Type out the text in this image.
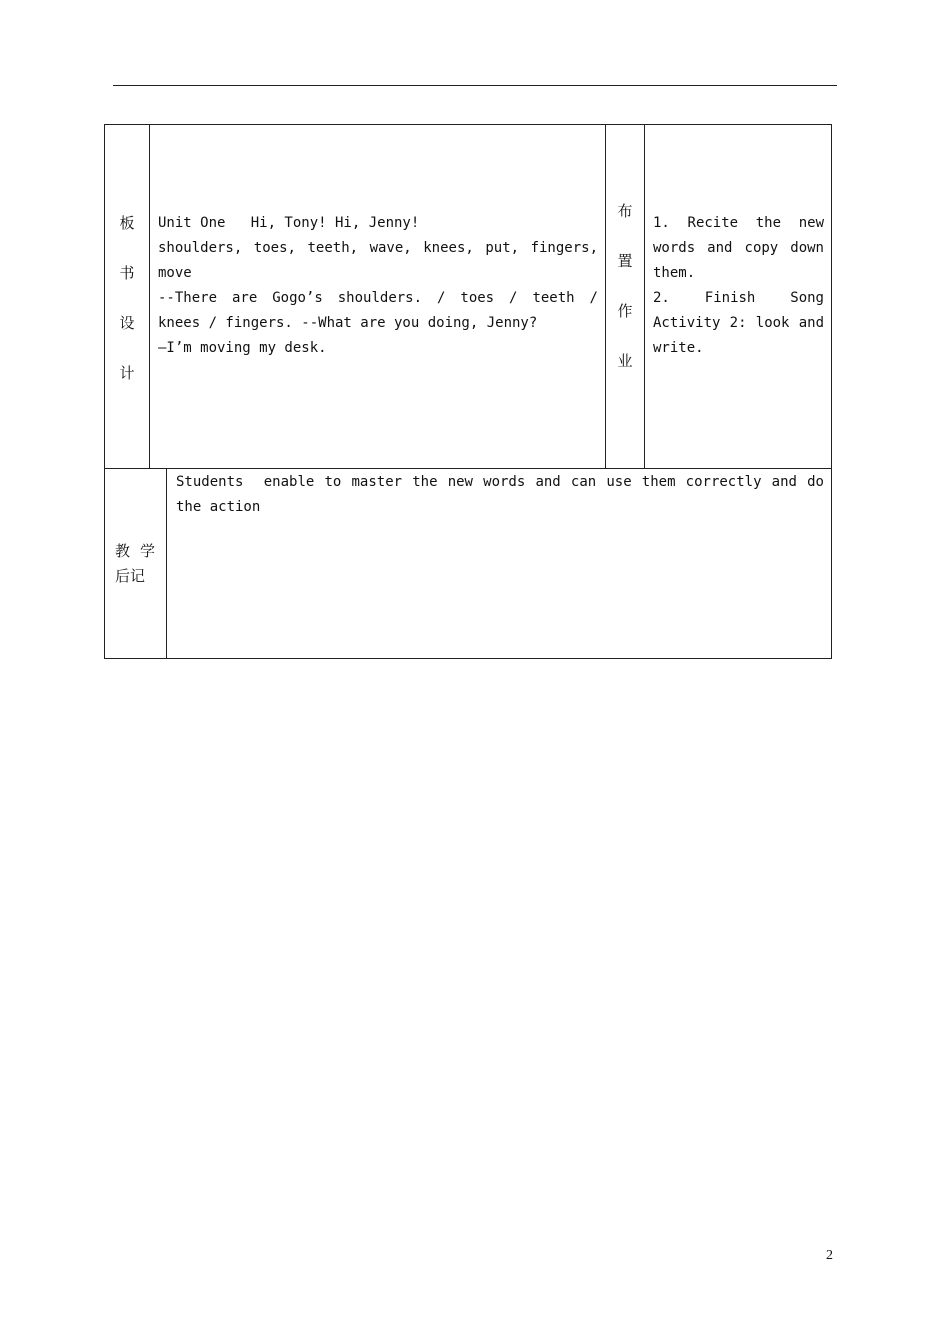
板
书
设
计
Unit One   Hi, Tony! Hi, Jenny!
shoulders, toes, teeth, wave, knees, put, fingers,
move
--There are Gogo’s shoulders. / toes / teeth /
knees / fingers. --What are you doing, Jenny?
–I’m moving my desk.
布
置
作
业
1. Recite the new
words and copy down
them.
2. Finish Song
Activity 2: look and
write.
教学
后记
Students  enable to master the new words and can use them correctly and do
the action
2
